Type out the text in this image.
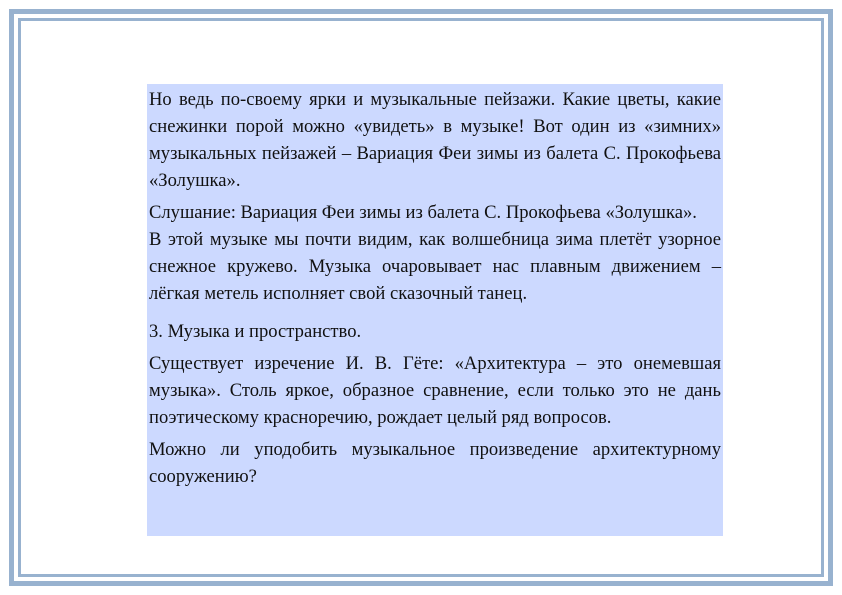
Но ведь по-своему ярки и музыкальные пейзажи. Какие цветы, какие снежинки порой можно «увидеть» в музыке! Вот один из «зимних» музыкальных пейзажей – Вариация Феи зимы из балета С. Прокофьева «Золушка».

Слушание: Вариация Феи зимы из балета С. Прокофьева «Золушка».

В этой музыке мы почти видим, как волшебница зима плетёт узорное снежное кружево. Музыка очаровывает нас плавным движением – лёгкая метель исполняет свой сказочный танец.

3. Музыка и пространство.

Существует изречение И. В. Гёте: «Архитектура – это онемевшая музыка». Столь яркое, образное сравнение, если только это не дань поэтическому красноречию, рождает целый ряд вопросов.

Можно ли уподобить музыкальное произведение архитектурному сооружению?
